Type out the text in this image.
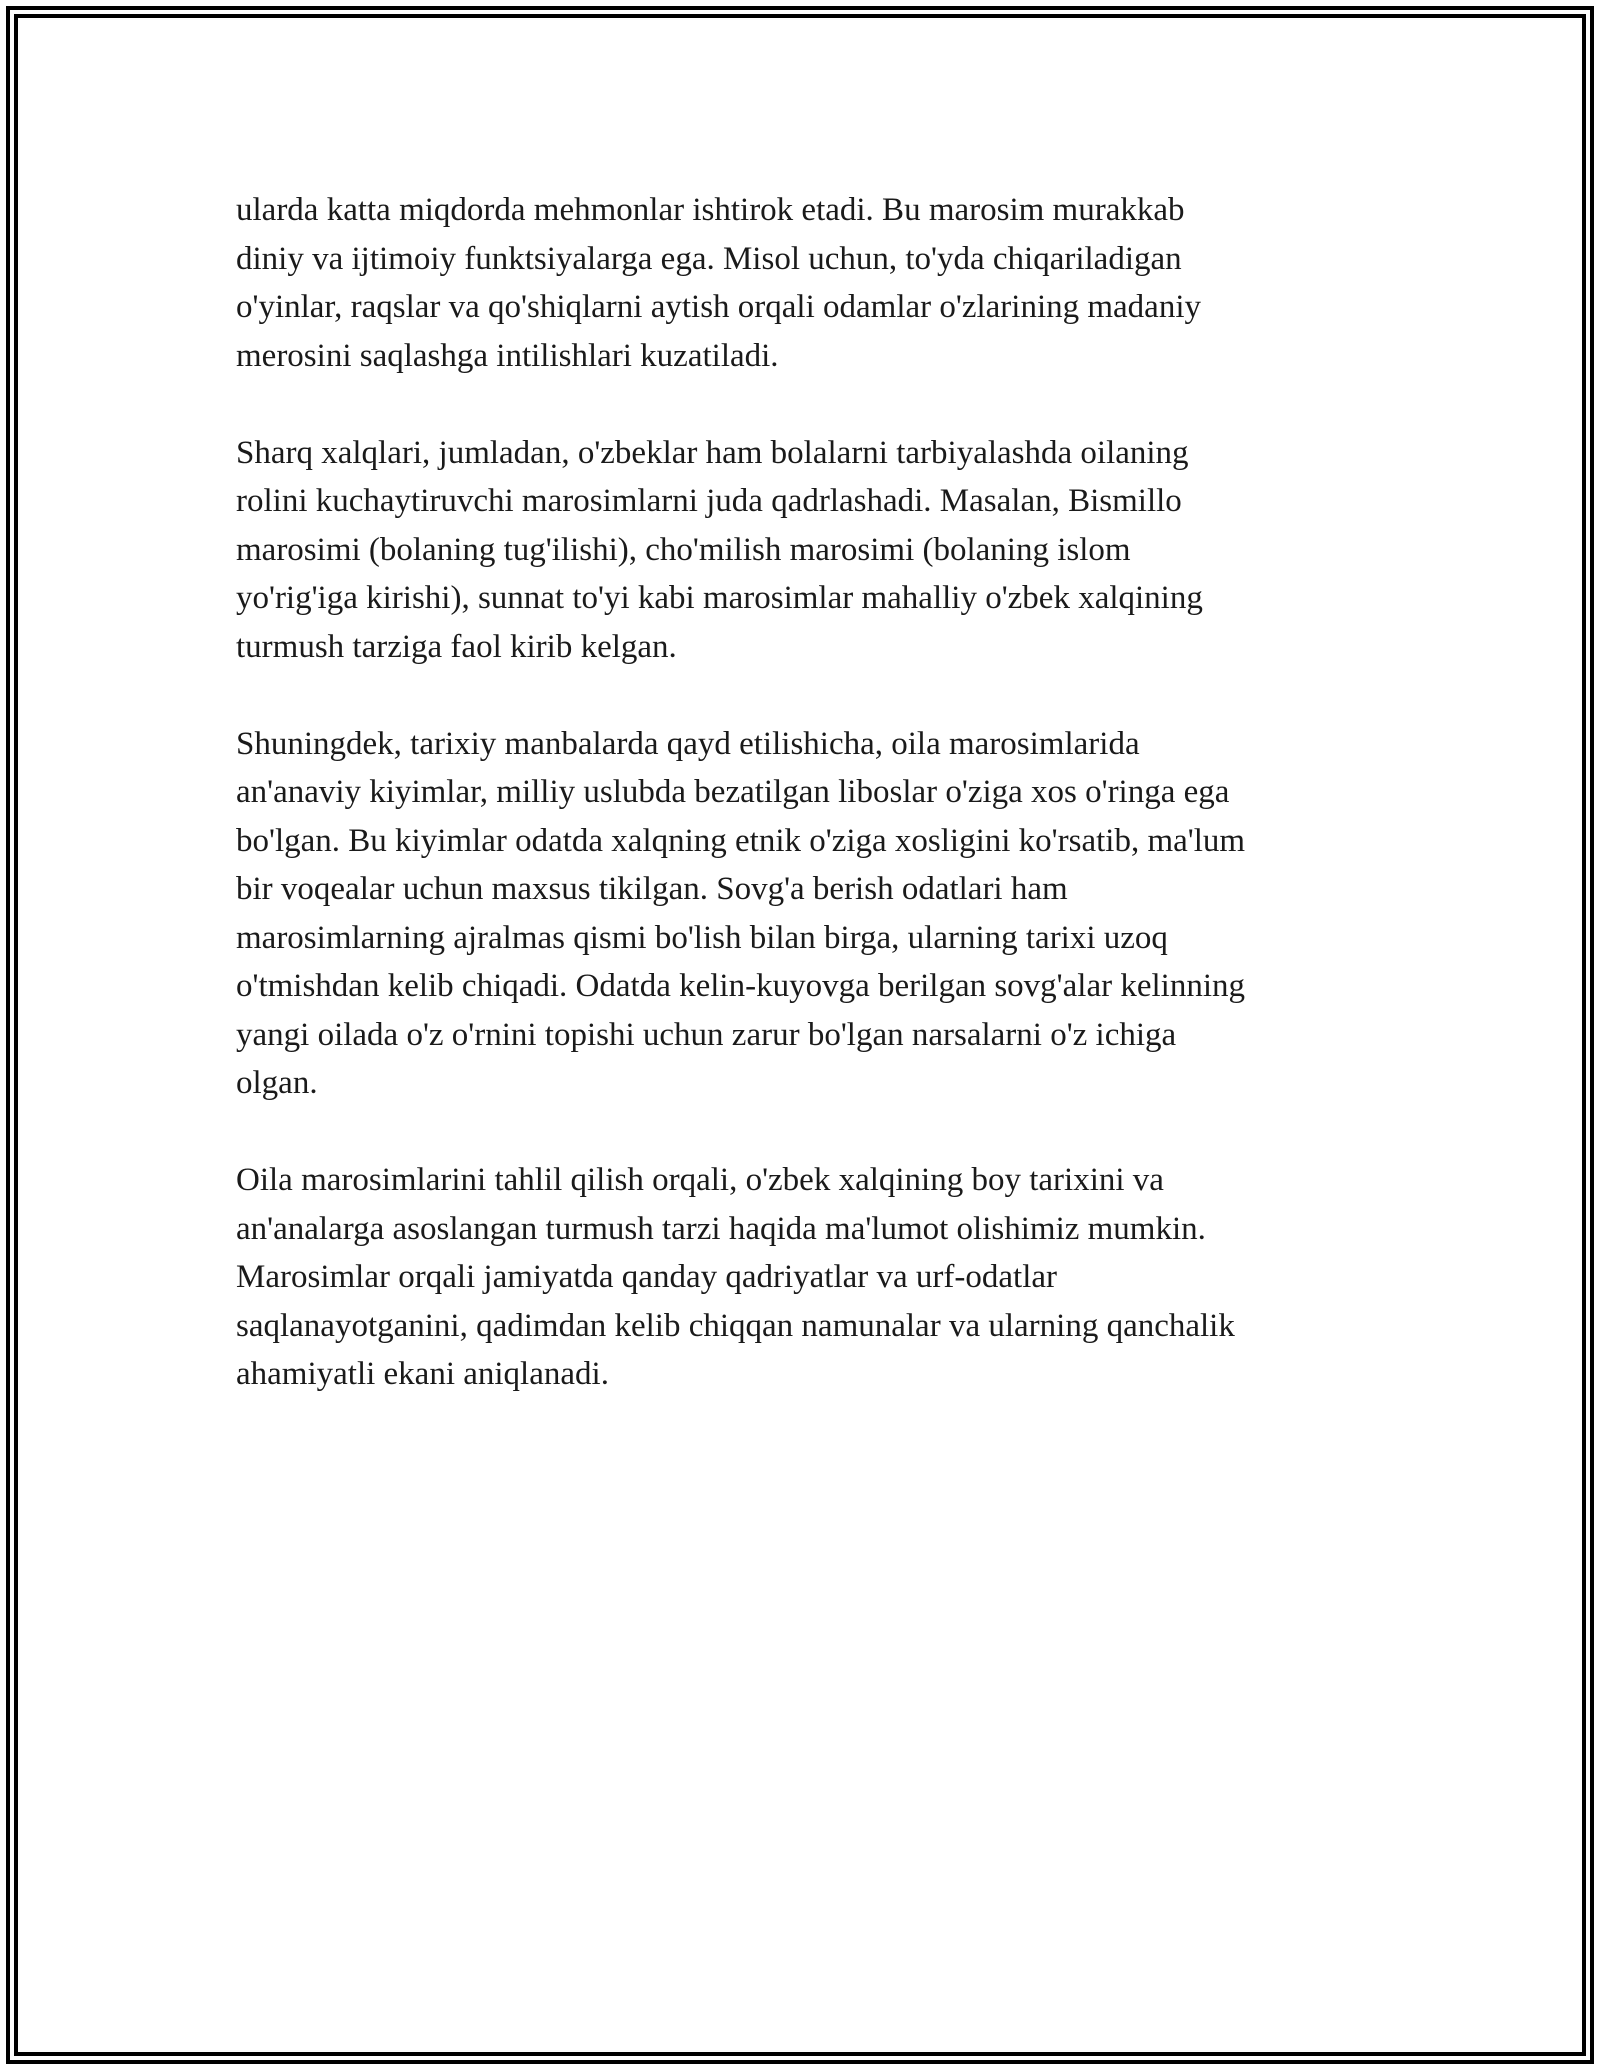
ularda katta miqdorda mehmonlar ishtirok etadi. Bu marosim murakkab
diniy va ijtimoiy funktsiyalarga ega. Misol uchun, to'yda chiqariladigan
o'yinlar, raqslar va qo'shiqlarni aytish orqali odamlar o'zlarining madaniy
merosini saqlashga intilishlari kuzatiladi.

Sharq xalqlari, jumladan, o'zbeklar ham bolalarni tarbiyalashda oilaning
rolini kuchaytiruvchi marosimlarni juda qadrlashadi. Masalan, Bismillo
marosimi (bolaning tug'ilishi), cho'milish marosimi (bolaning islom
yo'rig'iga kirishi), sunnat to'yi kabi marosimlar mahalliy o'zbek xalqining
turmush tarziga faol kirib kelgan.

Shuningdek, tarixiy manbalarda qayd etilishicha, oila marosimlarida
an'anaviy kiyimlar, milliy uslubda bezatilgan liboslar o'ziga xos o'ringa ega
bo'lgan. Bu kiyimlar odatda xalqning etnik o'ziga xosligini ko'rsatib, ma'lum
bir voqealar uchun maxsus tikilgan. Sovg'a berish odatlari ham
marosimlarning ajralmas qismi bo'lish bilan birga, ularning tarixi uzoq
o'tmishdan kelib chiqadi. Odatda kelin-kuyovga berilgan sovg'alar kelinning
yangi oilada o'z o'rnini topishi uchun zarur bo'lgan narsalarni o'z ichiga
olgan.

Oila marosimlarini tahlil qilish orqali, o'zbek xalqining boy tarixini va
an'analarga asoslangan turmush tarzi haqida ma'lumot olishimiz mumkin.
Marosimlar orqali jamiyatda qanday qadriyatlar va urf-odatlar
saqlanayotganini, qadimdan kelib chiqqan namunalar va ularning qanchalik
ahamiyatli ekani aniqlanadi.
